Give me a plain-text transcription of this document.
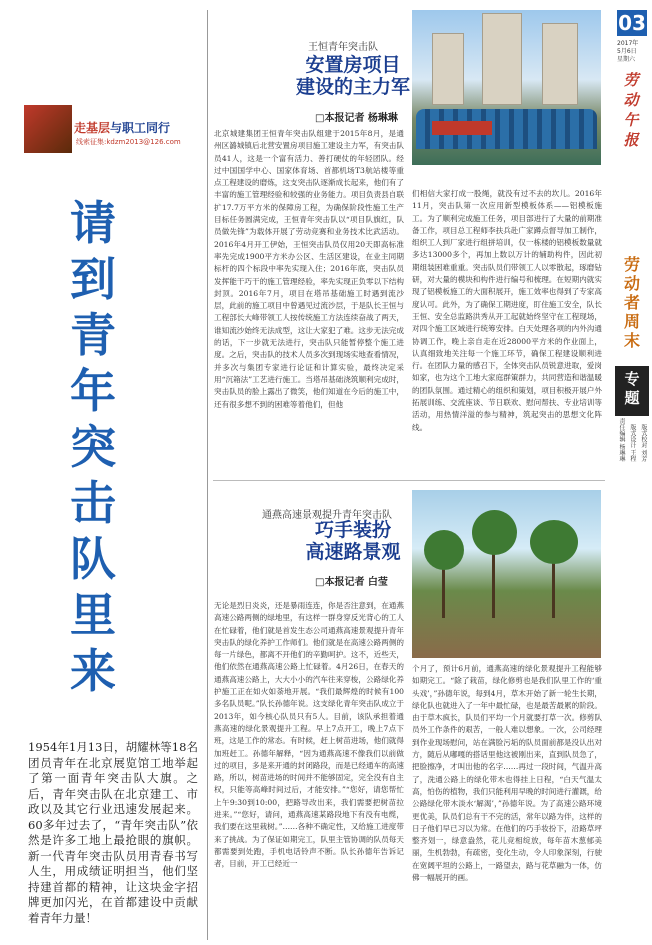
走基层与职工同行
线索征集:kdzm2013@126.com
请
到
青
年
突
击
队
里
来
1954年1月13日，胡耀林等18名团员青年在北京展览馆工地举起了第一面青年突击队大旗。之后，青年突击队在北京建工、市政以及其它行业迅速发展起来。60多年过去了，“青年突击队”依然是许多工地上最抢眼的旗帜。新一代青年突击队员用青春书写人生，用成绩证明担当，他们坚持建首都的精神，让这块金字招牌更加闪光，在首都建设中贡献着青年力量！
王恒青年突击队
安置房项目
建设的主力军
□本报记者 杨琳琳
北京城建集团王恒青年突击队组建于2015年8月，是通州区潞城镇后北营安置房项目施工建设主力军，有突击队员41人，这是一个富有活力、善打硬仗的年轻团队。经过中国国学中心、国家体育场、首都机场T3航站楼等重点工程建设的磨炼，这支突击队逐渐成长起来，他们有了丰富的施工管理经验和较强的业务能力。项目负责县自联扩17.7万平方米的保障房工程，为确保阶段性施工生产目标任务圆满完成，王恒青年突击队以“项目队旗红，队员做先锋”为载体开展了劳动竞赛和业务技术比武活动。2016年4月开工伊始，王恒突击队员仅用20天即高标准率先完成1900平方米办公区、生活区建设，在业主同期标杆的四个标段中率先实现入住；2016年底，突击队员发挥能干巧干的施工管理经验，率先实现正负零以下结构封顶。2016年7月，项目在塔吊基础施工时遇到流沙层，此前的施工项目中曾遇见过流沙层，于是队长王恒与工程部长大峰带领工人按传统施工方法连续奋战了两天，谁知流沙始终无法成型，这让大家犯了难。这步无法完成的话，下一步就无法进行，突击队只能暂停整个施工进度。之后，突击队的技术人员多次到现场实地查看情况，并多次与集团专家进行论证和计算实验，最终决定采用“沉箱法”工艺进行施工。当塔吊基础浇筑顺利完成时，突击队员的脸上露出了微笑，他们知道在今后的施工中，还有很多想不到的困难等着他们，但他
们相信大家打成一股绳，就没有过不去的坎儿。2016年11月，突击队第一次应用新型模板体系——铝模板施工。为了顺利完成施工任务，项目部进行了大量的前期准备工作，项目总工程师李扶兵赴广家蹲点督导加工制作，组织工人到厂家进行组拼培训，仅一栋楼的铝模板数量就多达13000多个，再加上数以万计的辅助构件，因此初期组装困难重重。突击队员们带领工人以零散起，琢磨钻研，对大量的模块和构件进行编号和梳理。在短期内就实现了铝模板施工的大面积展开，施工效率也得到了专家高度认可。此外，为了确保工期进度，盯住施工安全，队长王恒、安全总监路洪秀从开工起就始终坚守在工程现场，对四个施工区域进行统筹安排。白天处理各项的内外沟通协调工作，晚上亲自走在近28000平方米的作业面上，认真细致地关注每一个施工环节，确保工程建设顺利进行。在团队力量的感召下，全体突击队员锐意进取，爱岗如家，也为这个工地大家庭群策群力，共同营造和谐温暖的团队氛围。通过精心的组织和策划，项目积极开展户外拓展训练、交流座谈、节日联欢、慰问帮扶、专业培训等活动，用热情洋溢的参与精神，筑起突击的思想文化阵线。
通燕高速景观提升青年突击队
巧手装扮
高速路景观
□本报记者 白莹
无论是烈日炎炎，还是暴雨连连，你是否注意到，在通燕高速公路两侧的绿地里，有这样一群身穿反光背心的工人在忙碌着，他们就是首发生态公司通燕高速景观提升青年突击队的绿化养护工作师们。他们就是在高速公路两侧的每一片绿色，都离不开他们的辛勤呵护。这不，近些天，他们依然在通燕高速公路上忙碌着。4月26日，在春天的通燕高速公路上，大大小小的汽车往来穿梭，公路绿化养护施工正在如火如荼地开展。“我们最辉煌的时候有100多名队员呢。”队长孙德年说。这支绿化青年突击队成立于2013年，如今核心队员只有5人。目前，该队承担着通燕高速的绿化景观提升工程。早上7点开工，晚上7点下班，这是工作的常态。有时候，赶上树苗进场，他们就得加班赶工。孙德年解释，“因为通燕高速不像我们以前做过的项目，多是来开通的封闭路段，而是已经通车的高速路，所以，树苗进场的时间并不能够固定，完全没有自主权，只能等高峰时间过后，才能安排。”“您好，请您帮忙上午9:30到10:00，把路导改出来，我们需要把树苗拉进来。”“您好，请问，通燕高速某路段地下有没有电缆，我们要在这里栽树。”……各种不确定性，又给施工进度带来了挑战。为了保证如期完工，队里主管协调的队员每天都需要到处跑，手机电话铃声不断。队长孙德年告诉记者，目前，开工已经近一
个月了，预计6月前，通燕高速的绿化景观提升工程能够如期完工。“除了栽苗，绿化修剪也是我们队里工作的‘重头戏’，”孙德年说，每到4月，草木开始了新一轮生长期，绿化队也就进入了一年中最忙碌，也是最苦最累的阶段。由于草木疯长，队员们平均一个月就要打草一次。修剪队员外工作条件的艰苦，一般人难以想象。一次，公司经理到作业现场慰问，站在满脸污垢的队员面前都是没认出对方，随后从嘟嘎的搭话里他这被刚出来，直到队员急了，把脸擦净，才叫出他的名字……再过一段时间，气温升高了，洗通公路上的绿化带木也得挂上日程，“白天气温太高，怕伤的植物，我们只能利用早晚的时间进行灌溉，给公路绿化带木淡水‘解渴’，”孙德年说。为了高速公路环境更优美，队员们总有干不完的活，常年以路为伴，这样的日子他们早已习以为常。在他们的巧手妆扮下，沿路草坪整齐划一，绿意盎然，花儿竞相绽放，每年苗木葱郁美丽，生机勃勃，有疏密，变化生动，令人印象深刻，行驶在宽阔平坦的公路上，一路望去，路与花草融为一体，仿佛一幅展开的画。
03
2017年
5月6日
星期六
劳
动
午
报
劳
动
者
周
末
专
题
责任编辑 杨琳琳 版式设计 王程 版式校对 刘芳
